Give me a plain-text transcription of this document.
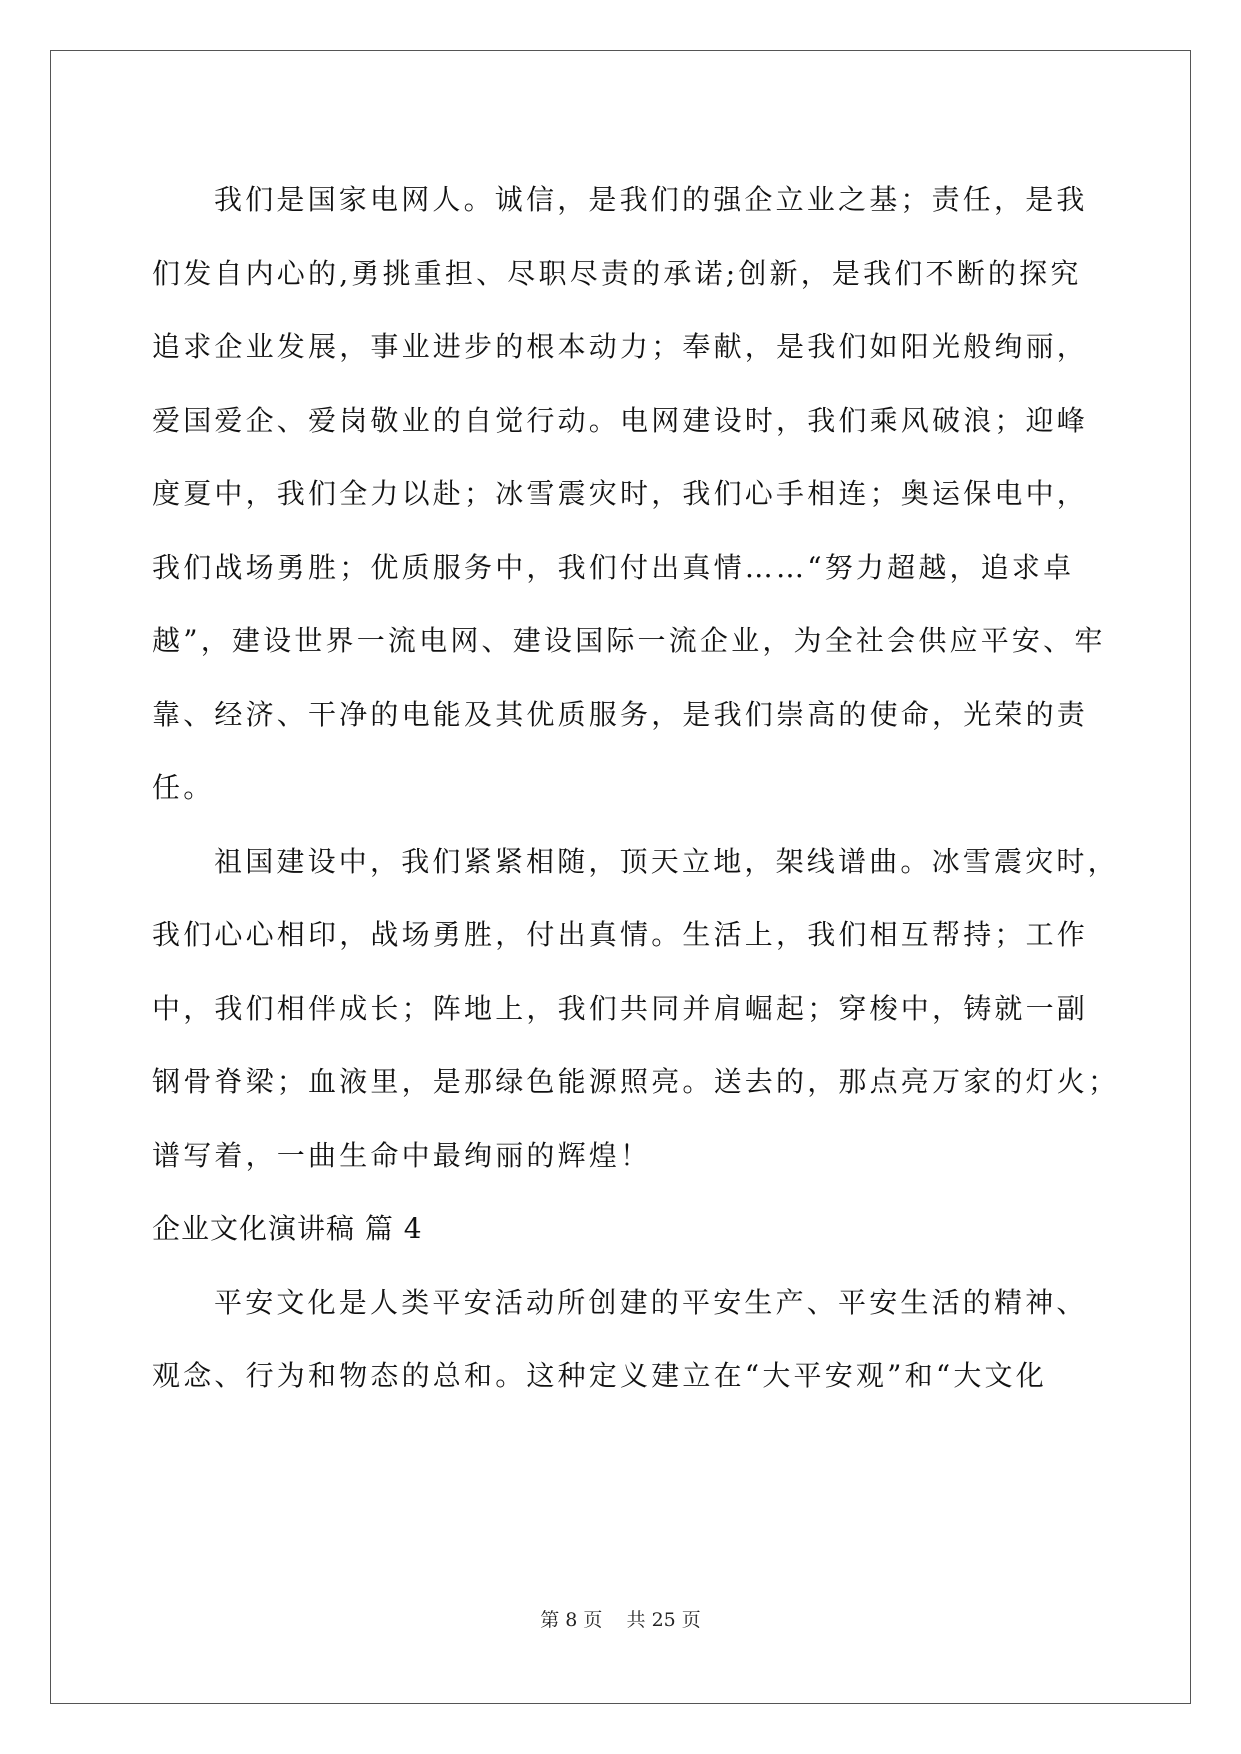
我们是国家电网人。诚信，是我们的强企立业之基；责任，是我
们发自内心的,勇挑重担、尽职尽责的承诺;创新，是我们不断的探究
追求企业发展，事业进步的根本动力；奉献，是我们如阳光般绚丽，
爱国爱企、爱岗敬业的自觉行动。电网建设时，我们乘风破浪；迎峰
度夏中，我们全力以赴；冰雪震灾时，我们心手相连；奥运保电中，
我们战场勇胜；优质服务中，我们付出真情……“努力超越，追求卓
越”，建设世界一流电网、建设国际一流企业，为全社会供应平安、牢
靠、经济、干净的电能及其优质服务，是我们崇高的使命，光荣的责
任。
祖国建设中，我们紧紧相随，顶天立地，架线谱曲。冰雪震灾时，
我们心心相印，战场勇胜，付出真情。生活上，我们相互帮持；工作
中，我们相伴成长；阵地上，我们共同并肩崛起；穿梭中，铸就一副
钢骨脊梁；血液里，是那绿色能源照亮。送去的，那点亮万家的灯火；
谱写着，一曲生命中最绚丽的辉煌！
企业文化演讲稿 篇 4
平安文化是人类平安活动所创建的平安生产、平安生活的精神、
观念、行为和物态的总和。这种定义建立在“大平安观”和“大文化
第 8 页 共 25 页
